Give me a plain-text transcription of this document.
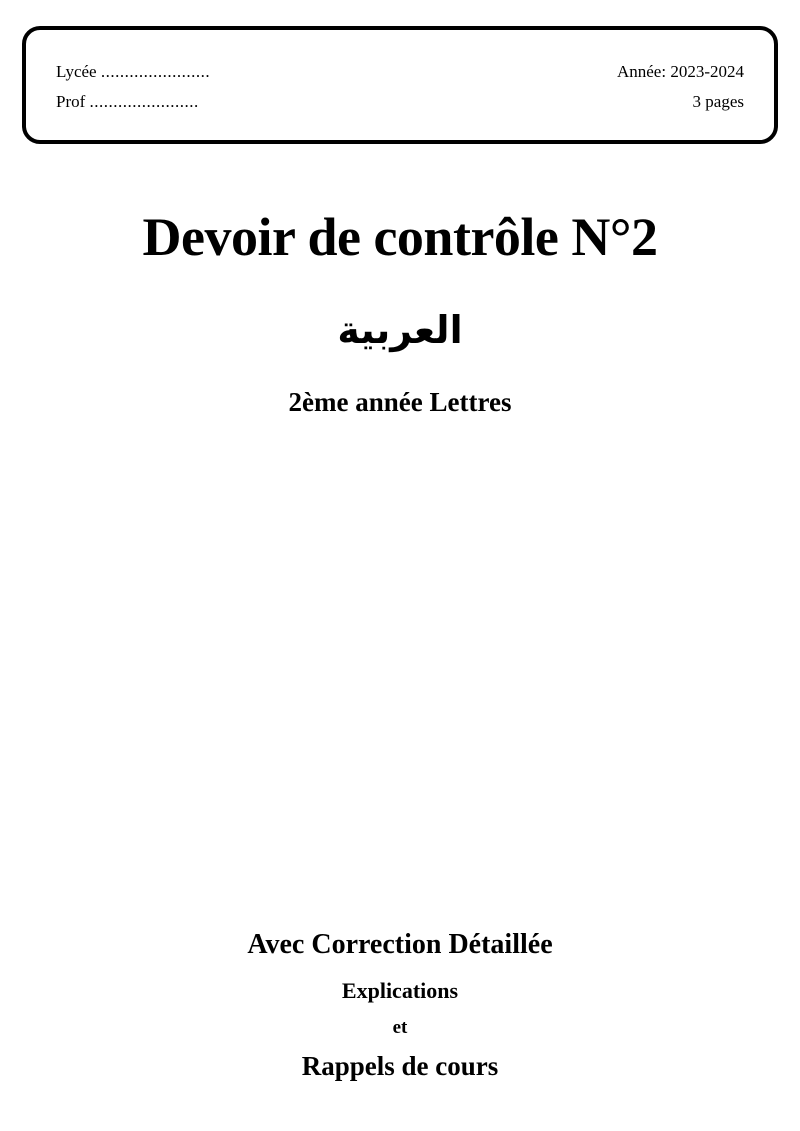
Lycée .......................	Année: 2023-2024
Prof .......................	3 pages
Devoir de contrôle N°2
العربية
2ème année Lettres
Avec Correction Détaillée
Explications
et
Rappels de cours
